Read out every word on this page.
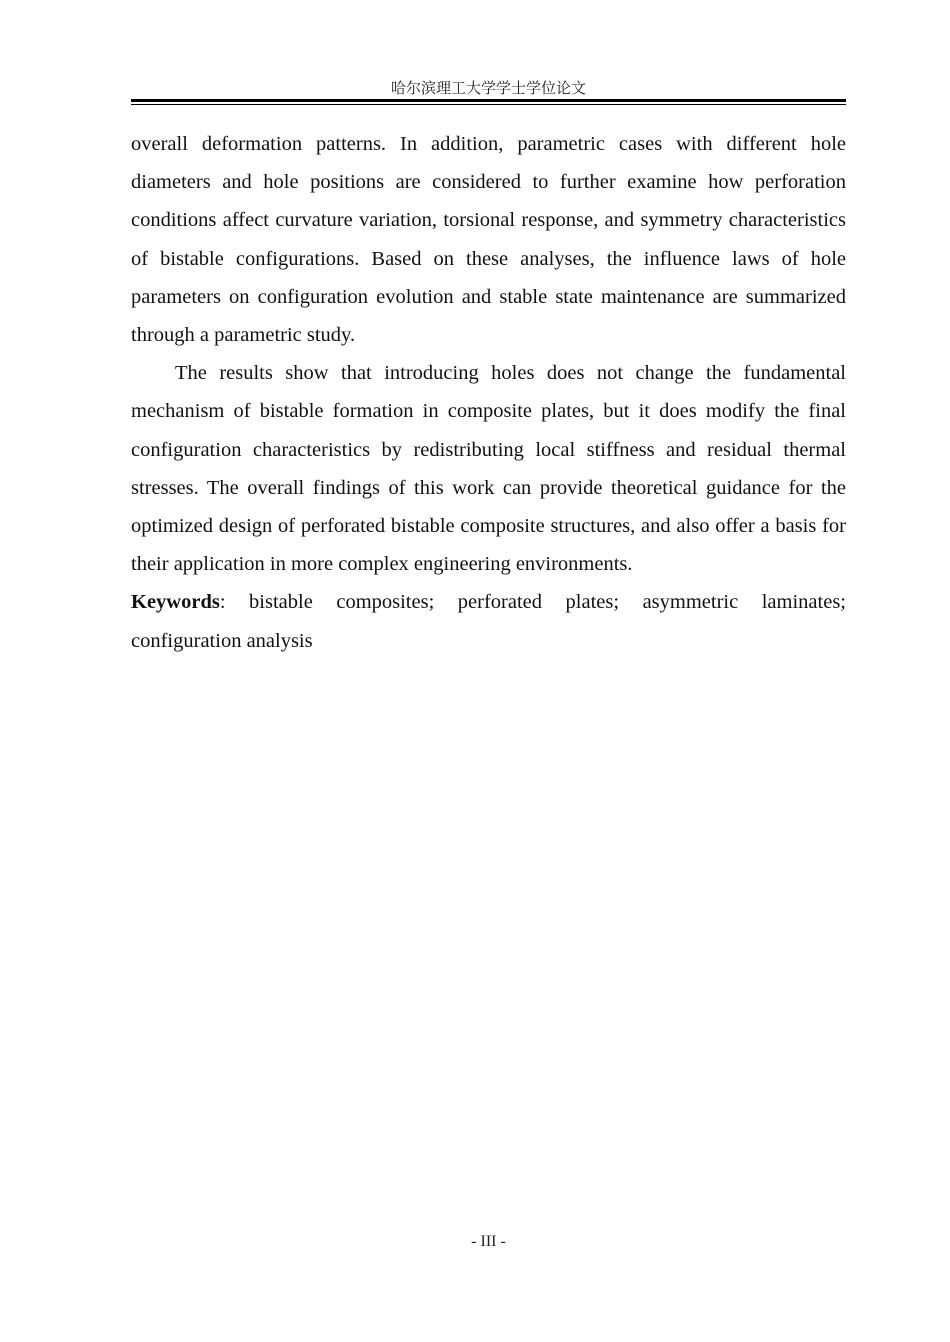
哈尔滨理工大学学士学位论文

overall deformation patterns. In addition, parametric cases with different hole diameters and hole positions are considered to further examine how perforation conditions affect curvature variation, torsional response, and symmetry characteristics of bistable configurations. Based on these analyses, the influence laws of hole parameters on configuration evolution and stable state maintenance are summarized through a parametric study.

The results show that introducing holes does not change the fundamental mechanism of bistable formation in composite plates, but it does modify the final configuration characteristics by redistributing local stiffness and residual thermal stresses. The overall findings of this work can provide theoretical guidance for the optimized design of perforated bistable composite structures, and also offer a basis for their application in more complex engineering environments.

Keywords: bistable composites; perforated plates; asymmetric laminates; configuration analysis

- III -
